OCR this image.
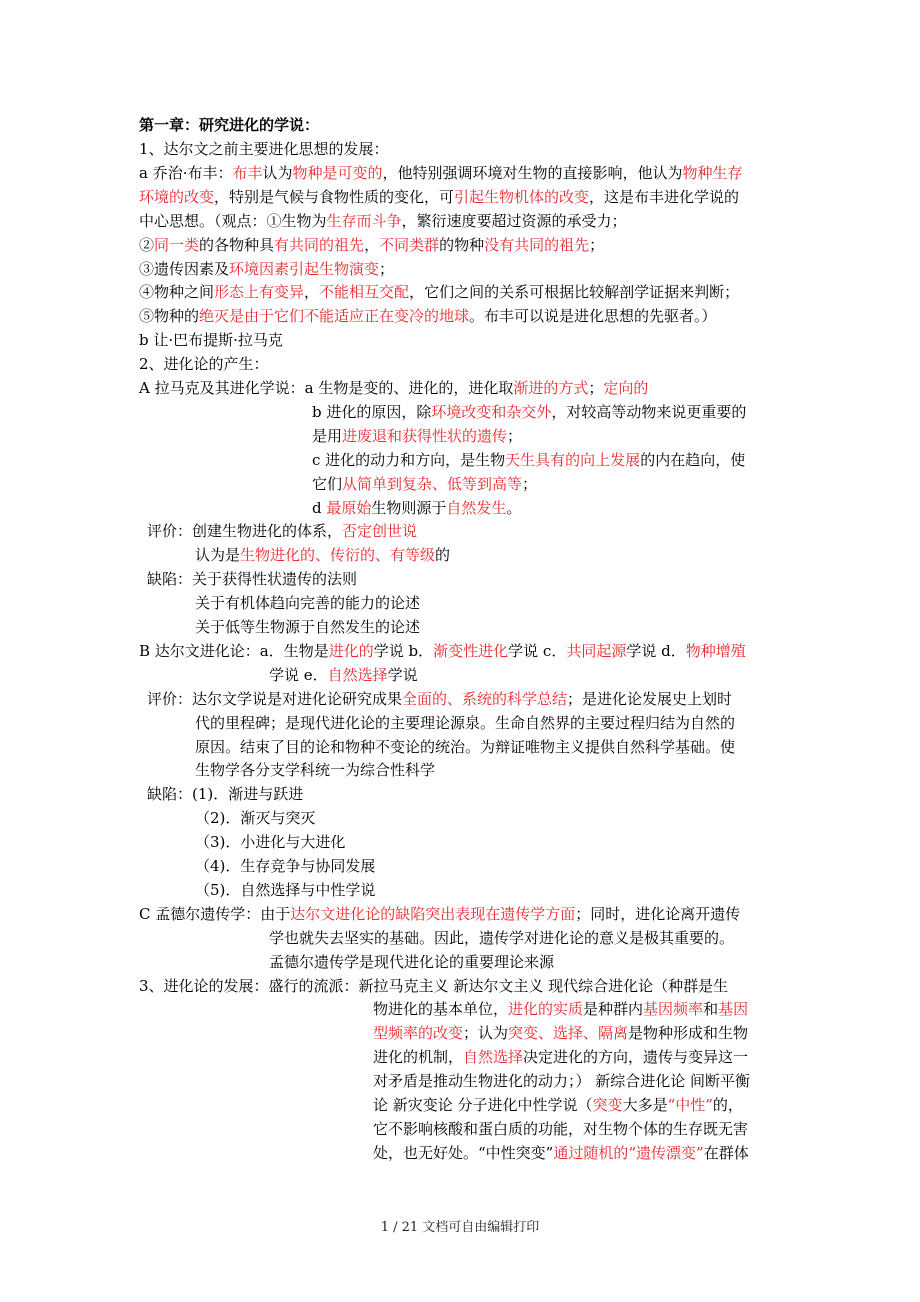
第一章：研究进化的学说：
1、达尔文之前主要进化思想的发展：
a 乔治·布丰：布丰认为物种是可变的，他特别强调环境对生物的直接影响，他认为物种生存
环境的改变，特别是气候与食物性质的变化，可引起生物机体的改变，这是布丰进化学说的
中心思想。（观点：①生物为生存而斗争，繁衍速度要超过资源的承受力；
②同一类的各物种具有共同的祖先，不同类群的物种没有共同的祖先；
③遗传因素及环境因素引起生物演变；
④物种之间形态上有变异，不能相互交配，它们之间的关系可根据比较解剖学证据来判断；
⑤物种的绝灭是由于它们不能适应正在变冷的地球。布丰可以说是进化思想的先驱者。）
b 让·巴布提斯·拉马克
2、进化论的产生：
A 拉马克及其进化学说：a 生物是变的、进化的，进化取渐进的方式；定向的
b 进化的原因，除环境改变和杂交外，对较高等动物来说更重要的
是用进废退和获得性状的遗传；
c 进化的动力和方向，是生物天生具有的向上发展的内在趋向，使
它们从简单到复杂、低等到高等；
d 最原始生物则源于自然发生。
评价：创建生物进化的体系，否定创世说
认为是生物进化的、传衍的、有等级的
缺陷：关于获得性状遗传的法则
关于有机体趋向完善的能力的论述
关于低等生物源于自然发生的论述
B 达尔文进化论：a．生物是进化的学说 b．渐变性进化学说 c．共同起源学说 d．物种增殖
学说 e．自然选择学说
评价：达尔文学说是对进化论研究成果全面的、系统的科学总结；是进化论发展史上划时
代的里程碑；是现代进化论的主要理论源泉。生命自然界的主要过程归结为自然的
原因。结束了目的论和物种不变论的统治。为辩证唯物主义提供自然科学基础。使
生物学各分支学科统一为综合性科学
缺陷：(1)．渐进与跃进
（2)．渐灭与突灭
（3)．小进化与大进化
（4)．生存竞争与协同发展
（5)．自然选择与中性学说
C 孟德尔遗传学：由于达尔文进化论的缺陷突出表现在遗传学方面；同时，进化论离开遗传
学也就失去坚实的基础。因此，遗传学对进化论的意义是极其重要的。
孟德尔遗传学是现代进化论的重要理论来源
3、进化论的发展：盛行的流派：新拉马克主义 新达尔文主义 现代综合进化论（种群是生
物进化的基本单位，进化的实质是种群内基因频率和基因
型频率的改变；认为突变、选择、隔离是物种形成和生物
进化的机制，自然选择决定进化的方向，遗传与变异这一
对矛盾是推动生物进化的动力；） 新综合进化论 间断平衡
论 新灾变论 分子进化中性学说（突变大多是“中性”的，
它不影响核酸和蛋白质的功能，对生物个体的生存既无害
处，也无好处。“中性突变”通过随机的“遗传漂变”在群体
1 / 21 文档可自由编辑打印
